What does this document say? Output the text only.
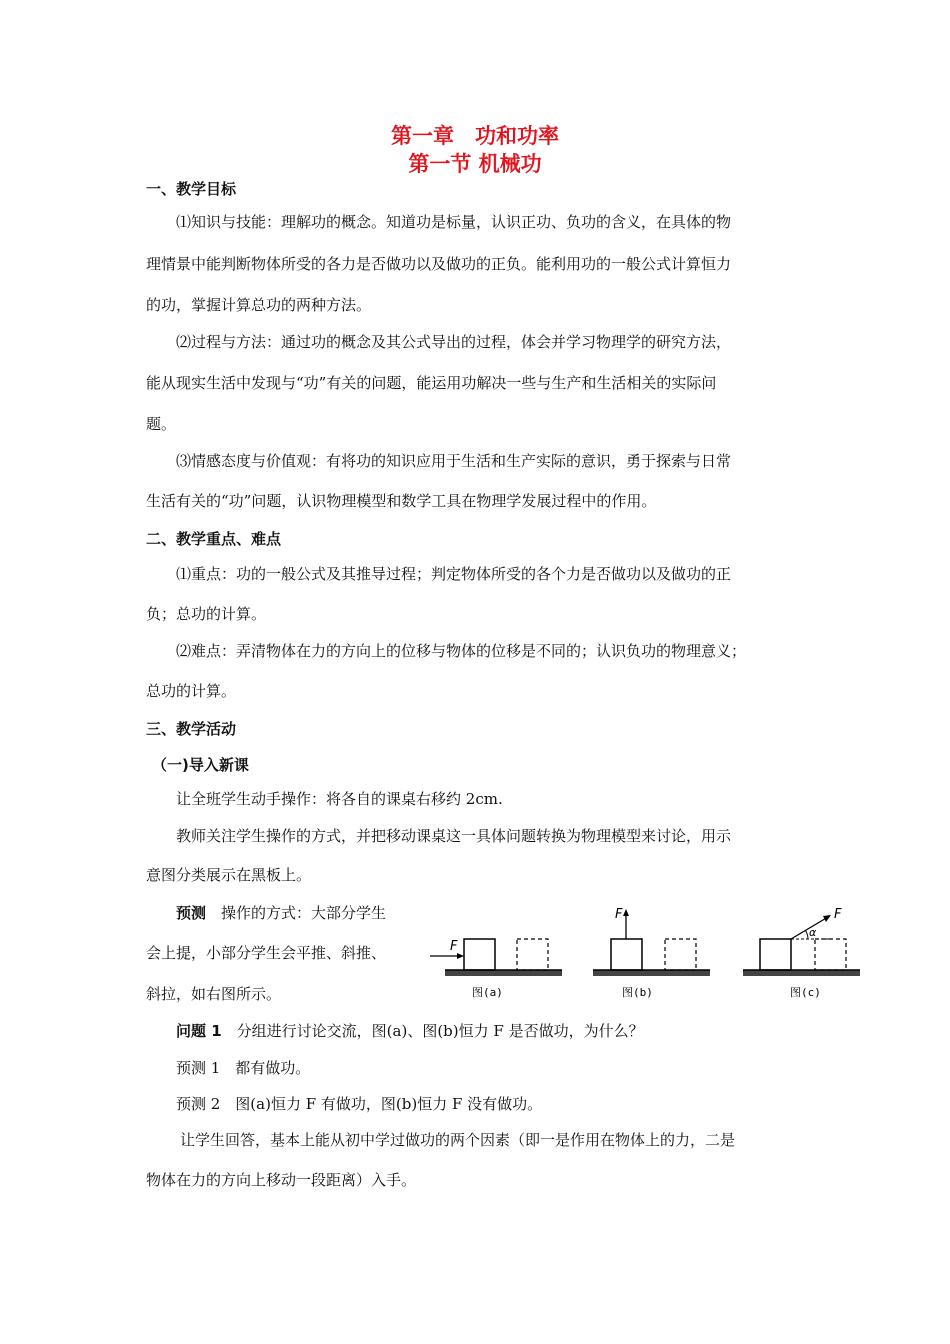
第一章　功和功率
第一节 机械功
一、教学目标
⑴知识与技能：理解功的概念。知道功是标量，认识正功、负功的含义，在具体的物
理情景中能判断物体所受的各力是否做功以及做功的正负。能利用功的一般公式计算恒力
的功，掌握计算总功的两种方法。
⑵过程与方法：通过功的概念及其公式导出的过程，体会并学习物理学的研究方法，
能从现实生活中发现与“功”有关的问题，能运用功解决一些与生产和生活相关的实际问
题。
⑶情感态度与价值观：有将功的知识应用于生活和生产实际的意识，勇于探索与日常
生活有关的“功”问题，认识物理模型和数学工具在物理学发展过程中的作用。
二、教学重点、难点
⑴重点：功的一般公式及其推导过程；判定物体所受的各个力是否做功以及做功的正
负；总功的计算。
⑵难点：弄清物体在力的方向上的位移与物体的位移是不同的；认识负功的物理意义；
总功的计算。
三、教学活动
（一)导入新课
让全班学生动手操作：将各自的课桌右移约 2cm.
教师关注学生操作的方式，并把移动课桌这一具体问题转换为物理模型来讨论，用示
意图分类展示在黑板上。
预测　操作的方式：大部分学生
会上提，小部分学生会平推、斜推、
斜拉，如右图所示。
F
图(a)
F
图(b)
α
F
图(c)
问题 1　分组进行讨论交流，图(a)、图(b)恒力 F 是否做功，为什么？
预测 1　都有做功。
预测 2　图(a)恒力 F 有做功，图(b)恒力 F 没有做功。
让学生回答，基本上能从初中学过做功的两个因素（即一是作用在物体上的力，二是
物体在力的方向上移动一段距离）入手。
